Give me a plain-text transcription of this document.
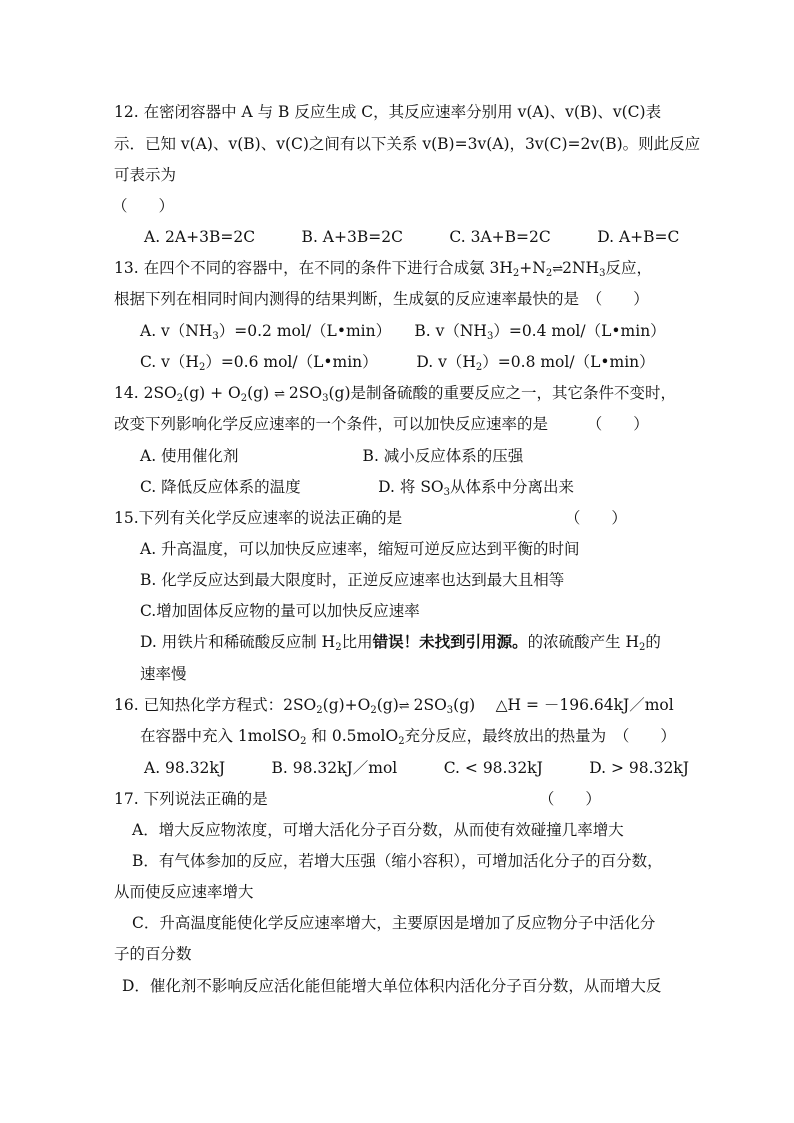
12. 在密闭容器中 A 与 B 反应生成 C，其反应速率分别用 v(A)、v(B)、v(C)表
示．已知 v(A)、v(B)、v(C)之间有以下关系 v(B)=3v(A)，3v(C)=2v(B)。则此反应
可表示为
（　　）
A. 2A+3B=2C　　　B. A+3B=2C　　　C. 3A+B=2C　　　D. A+B=C
13. 在四个不同的容器中，在不同的条件下进行合成氨 $3H_2+N_2\rightleftharpoons 2NH_3$反应，
根据下列在相同时间内测得的结果判断，生成氨的反应速率最快的是　（　　）
A. $v(NH_3)=0.2$ mol/（L•min）　　B. $v(NH_3)=0.4$ mol/（L•min）
C. $v(H_2)=0.6$ mol/（L•min）　　　D. $v(H_2)=0.8$ mol/（L•min）
14. $2SO_2(g) + O_2(g)$ ⇌ $2SO_3(g)$是制备硫酸的重要反应之一，其它条件不变时，
改变下列影响化学反应速率的一个条件，可以加快反应速率的是　　　（　　）
A. 使用催化剂　　　　　　　　B. 减小反应体系的压强
C. 降低反应体系的温度　　　　　D. 将 $SO_3$从体系中分离出来
15.下列有关化学反应速率的说法正确的是　　　　　　　　　　　（　　）
A. 升高温度，可以加快反应速率，缩短可逆反应达到平衡的时间
B. 化学反应达到最大限度时，正逆反应速率也达到最大且相等
C.增加固体反应物的量可以加快反应速率
D. 用铁片和稀硫酸反应制 $H_2$比用错误！未找到引用源。的浓硫酸产生 $H_2$的
速率慢
16. 已知热化学方程式：$2SO_2(g)+O_2(g)\rightleftharpoons$ $2SO_3(g)$　 △H = －196.64kJ／mol
在容器中充入 1molSO$_2$ 和 0.5molO$_2$充分反应，最终放出的热量为　（　　）
A. 98.32kJ　　　B. 98.32kJ／mol　　　C. < 98.32kJ　　　D. > 98.32kJ
17. 下列说法正确的是　　　　　　　　　　　　　　　　　　（　　）
A．增大反应物浓度，可增大活化分子百分数，从而使有效碰撞几率增大
B．有气体参加的反应，若增大压强（缩小容积），可增加活化分子的百分数，
从而使反应速率增大
C．升高温度能使化学反应速率增大，主要原因是增加了反应物分子中活化分
子的百分数
D．催化剂不影响反应活化能但能增大单位体积内活化分子百分数，从而增大反
